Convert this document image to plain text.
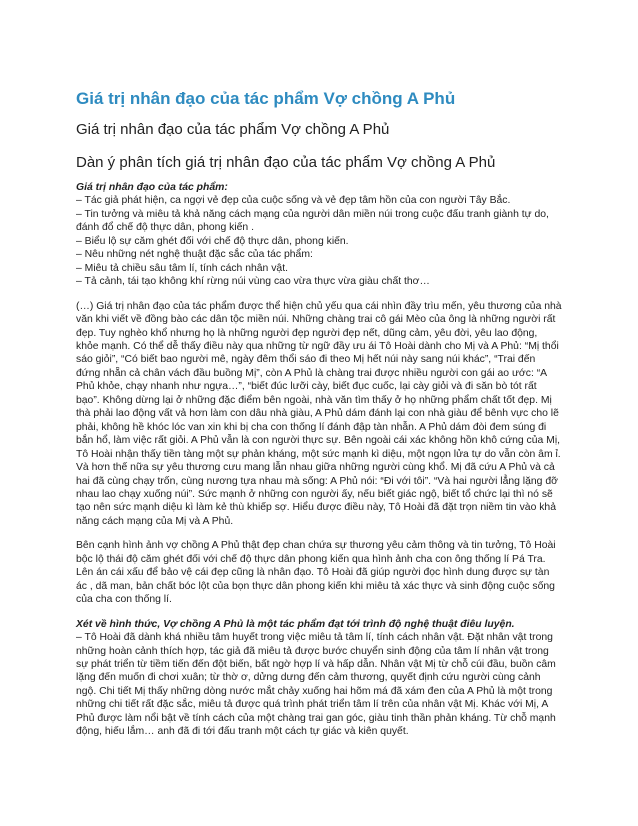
Giá trị nhân đạo của tác phẩm Vợ chồng A Phủ
Giá trị nhân đạo của tác phẩm Vợ chồng A Phủ
Dàn ý phân tích giá trị nhân đạo của tác phẩm Vợ chồng A Phủ

Giá trị nhân đạo của tác phẩm:

– Tác giả phát hiện, ca ngợi vẻ đẹp của cuộc sống và vẻ đẹp tâm hồn của con người Tây Bắc.

– Tin tưởng và miêu tả khả năng cách mạng của người dân miền núi trong cuộc đấu tranh giành tự do, đánh đổ chế độ thực dân, phong kiến .

– Biểu lộ sự căm ghét đối với chế độ thực dân, phong kiến.

– Nêu những nét nghệ thuật đặc sắc của tác phẩm:

– Miêu tả chiều sâu tâm lí, tính cách nhân vật.

– Tả cảnh, tái tạo không khí rừng núi vùng cao vừa thực vừa giàu chất thơ…

(…) Giá trị nhân đạo của tác phẩm được thể hiện chủ yếu qua cái nhìn đầy trìu mến, yêu thương của nhà văn khi viết về đồng bào các dân tộc miền núi. Những chàng trai cô gái Mèo của ông là những người rất đẹp. Tuy nghèo khổ nhưng họ là những người đẹp người đẹp nết, dũng cảm, yêu đời, yêu lao động, khỏe mạnh. Có thể dễ thấy điều này qua những từ ngữ đầy ưu ái Tô Hoài dành cho Mị và A Phủ: “Mị thổi sáo giỏi”, “Có biết bao người mê, ngày đêm thổi sáo đi theo Mị hết núi này sang núi khác”, “Trai đến đứng nhẵn cả chân vách đầu buồng Mị”, còn A Phủ là chàng trai được nhiều người con gái ao ước: “A Phủ khỏe, chạy nhanh như ngựa…”, “biết đúc lưỡi cày, biết đục cuốc, lại cày giỏi và đi săn bò tót rất bạo”. Không dừng lại ở những đặc điểm bên ngoài, nhà văn tìm thấy ở họ những phẩm chất tốt đẹp. Mị thà phải lao động vất vả hơn làm con dâu nhà giàu, A Phủ dám đánh lại con nhà giàu để bênh vực cho lẽ phải, không hề khóc lóc van xin khi bị cha con thống lí đánh đập tàn nhẫn. A Phủ dám đòi đem súng đi bắn hổ, làm việc rất giỏi. A Phủ vẫn là con người thực sự. Bên ngoài cái xác không hồn khô cứng của Mị, Tô Hoài nhận thấy tiền tàng một sự phản kháng, một sức mạnh kì diệu, một ngọn lửa tự do vẫn còn âm ỉ. Và hơn thế nữa sự yêu thương cưu mang lẫn nhau giữa những người cùng khổ. Mị đã cứu A Phủ và cả hai đã cùng chạy trốn, cùng nương tựa nhau mà sống: A Phủ nói: “Đi với tôi”. “Và hai người lẳng lặng đỡ nhau lao chạy xuống núi”. Sức mạnh ở những con người ấy, nếu biết giác ngộ, biết tổ chức lại thì nó sẽ tạo nên sức mạnh diệu kì làm kẻ thù khiếp sợ. Hiểu được điều này, Tô Hoài đã đặt trọn niềm tin vào khả năng cách mạng của Mị và A Phủ.

Bên cạnh hình ảnh vợ chồng A Phủ thật đẹp chan chứa sự thương yêu cảm thông và tin tưởng, Tô Hoài bộc lộ thái độ căm ghét đối với chế độ thực dân phong kiến qua hình ảnh cha con ông thống lí Pá Tra. Lên án cái xấu để bảo vệ cái đẹp cũng là nhân đạo. Tô Hoài đã giúp người đọc hình dung được sự tàn ác , dã man, bản chất bóc lột của bọn thực dân phong kiến khi miêu tả xác thực và sinh động cuộc sống của cha con thống lí.

Xét về hình thức, Vợ chồng A Phủ là một tác phẩm đạt tới trình độ nghệ thuật điêu luyện.

– Tô Hoài đã dành khá nhiều tâm huyết trong việc miêu tả tâm lí, tính cách nhân vật. Đặt nhân vật trong những hoàn cảnh thích hợp, tác giả đã miêu tả được bước chuyển sinh động của tâm lí nhân vật trong sự phát triển từ tiềm tiến đến đột biến, bất ngờ hợp lí và hấp dẫn. Nhân vật Mị từ chỗ cúi đầu, buồn câm lặng đến muốn đi chơi xuân; từ thờ ơ, dửng dưng đến cảm thương, quyết định cứu người cùng cảnh ngộ. Chi tiết Mị thấy những dòng nước mắt chảy xuống hai hõm má đã xám đen của A Phủ là một trong những chi tiết rất đặc sắc, miêu tả được quá trình phát triển tâm lí trên của nhân vật Mị. Khác với Mị, A Phủ được làm nổi bật về tính cách của một chàng trai gan góc, giàu tinh thần phản kháng. Từ chỗ mạnh động, hiếu lắm… anh đã đi tới đấu tranh một cách tự giác và kiên quyết.
